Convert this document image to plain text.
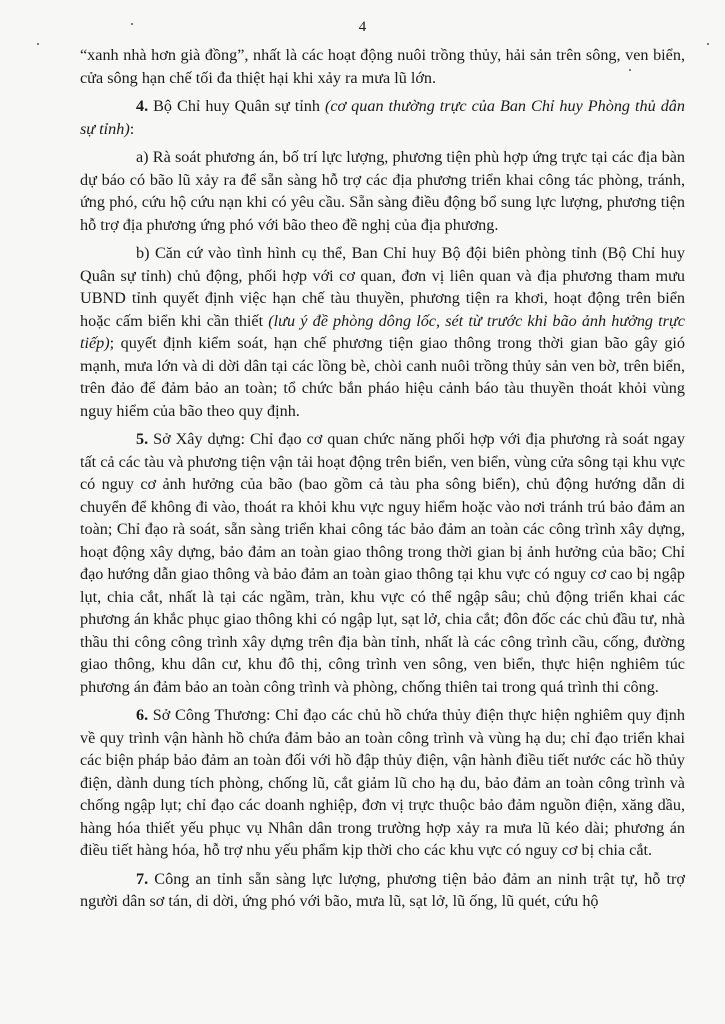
4

“xanh nhà hơn già đồng”, nhất là các hoạt động nuôi trồng thủy, hải sản trên sông, ven biển, cửa sông hạn chế tối đa thiệt hại khi xảy ra mưa lũ lớn.

4. Bộ Chỉ huy Quân sự tỉnh (cơ quan thường trực của Ban Chỉ huy Phòng thủ dân sự tỉnh):

a) Rà soát phương án, bố trí lực lượng, phương tiện phù hợp ứng trực tại các địa bàn dự báo có bão lũ xảy ra để sẵn sàng hỗ trợ các địa phương triển khai công tác phòng, tránh, ứng phó, cứu hộ cứu nạn khi có yêu cầu. Sẵn sàng điều động bổ sung lực lượng, phương tiện hỗ trợ địa phương ứng phó với bão theo đề nghị của địa phương.

b) Căn cứ vào tình hình cụ thể, Ban Chỉ huy Bộ đội biên phòng tỉnh (Bộ Chỉ huy Quân sự tỉnh) chủ động, phối hợp với cơ quan, đơn vị liên quan và địa phương tham mưu UBND tỉnh quyết định việc hạn chế tàu thuyền, phương tiện ra khơi, hoạt động trên biển hoặc cấm biển khi cần thiết (lưu ý đề phòng dông lốc, sét từ trước khi bão ảnh hưởng trực tiếp); quyết định kiểm soát, hạn chế phương tiện giao thông trong thời gian bão gây gió mạnh, mưa lớn và di dời dân tại các lồng bè, chòi canh nuôi trồng thủy sản ven bờ, trên biển, trên đảo để đảm bảo an toàn; tổ chức bắn pháo hiệu cảnh báo tàu thuyền thoát khỏi vùng nguy hiểm của bão theo quy định.

5. Sở Xây dựng: Chỉ đạo cơ quan chức năng phối hợp với địa phương rà soát ngay tất cả các tàu và phương tiện vận tải hoạt động trên biển, ven biển, vùng cửa sông tại khu vực có nguy cơ ảnh hưởng của bão (bao gồm cả tàu pha sông biển), chủ động hướng dẫn di chuyển để không đi vào, thoát ra khỏi khu vực nguy hiểm hoặc vào nơi tránh trú bảo đảm an toàn; Chỉ đạo rà soát, sẵn sàng triển khai công tác bảo đảm an toàn các công trình xây dựng, hoạt động xây dựng, bảo đảm an toàn giao thông trong thời gian bị ảnh hưởng của bão; Chỉ đạo hướng dẫn giao thông và bảo đảm an toàn giao thông tại khu vực có nguy cơ cao bị ngập lụt, chia cắt, nhất là tại các ngầm, tràn, khu vực có thể ngập sâu; chủ động triển khai các phương án khắc phục giao thông khi có ngập lụt, sạt lở, chia cắt; đôn đốc các chủ đầu tư, nhà thầu thi công công trình xây dựng trên địa bàn tỉnh, nhất là các công trình cầu, cống, đường giao thông, khu dân cư, khu đô thị, công trình ven sông, ven biển, thực hiện nghiêm túc phương án đảm bảo an toàn công trình và phòng, chống thiên tai trong quá trình thi công.

6. Sở Công Thương: Chỉ đạo các chủ hồ chứa thủy điện thực hiện nghiêm quy định về quy trình vận hành hồ chứa đảm bảo an toàn công trình và vùng hạ du; chỉ đạo triển khai các biện pháp bảo đảm an toàn đối với hồ đập thủy điện, vận hành điều tiết nước các hồ thủy điện, dành dung tích phòng, chống lũ, cắt giảm lũ cho hạ du, bảo đảm an toàn công trình và chống ngập lụt; chỉ đạo các doanh nghiệp, đơn vị trực thuộc bảo đảm nguồn điện, xăng dầu, hàng hóa thiết yếu phục vụ Nhân dân trong trường hợp xảy ra mưa lũ kéo dài; phương án điều tiết hàng hóa, hỗ trợ nhu yếu phẩm kịp thời cho các khu vực có nguy cơ bị chia cắt.

7. Công an tỉnh sẵn sàng lực lượng, phương tiện bảo đảm an ninh trật tự, hỗ trợ người dân sơ tán, di dời, ứng phó với bão, mưa lũ, sạt lở, lũ ống, lũ quét, cứu hộ
